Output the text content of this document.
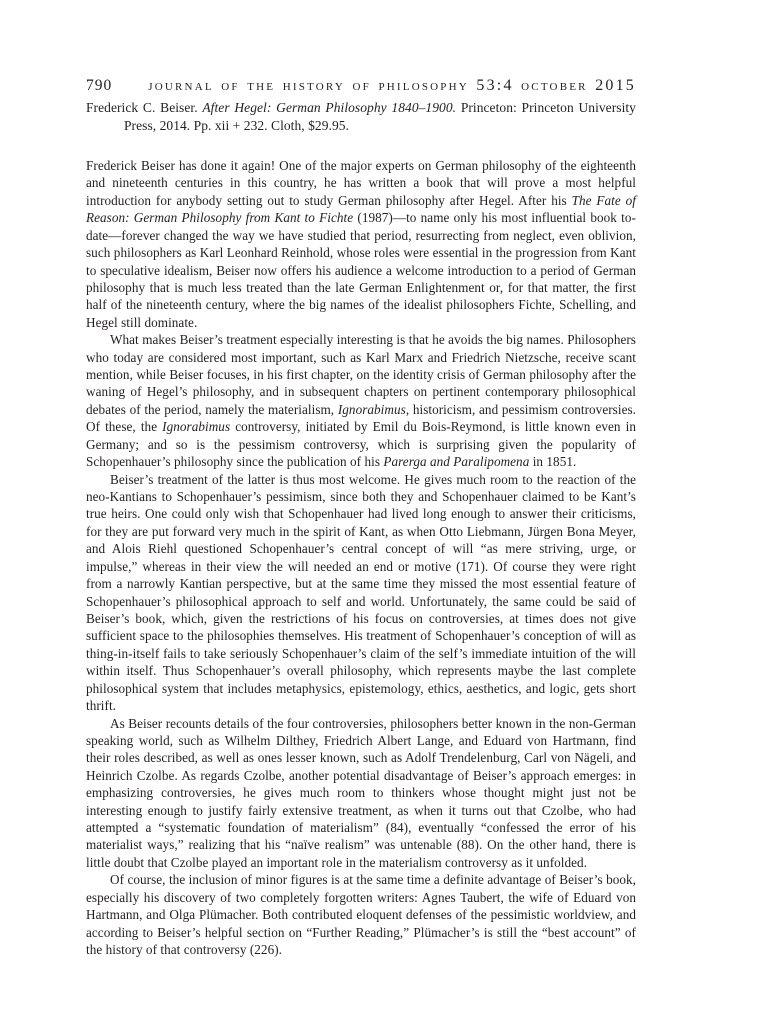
790	journal of the history of philosophy 53:4 october 2015
Frederick C. Beiser. After Hegel: German Philosophy 1840–1900. Princeton: Princeton University Press, 2014. Pp. xii + 232. Cloth, $29.95.

Frederick Beiser has done it again! One of the major experts on German philosophy of the eighteenth and nineteenth centuries in this country, he has written a book that will prove a most helpful introduction for anybody setting out to study German philosophy after Hegel. After his The Fate of Reason: German Philosophy from Kant to Fichte (1987)—to name only his most influential book to-date—forever changed the way we have studied that period, resurrecting from neglect, even oblivion, such philosophers as Karl Leonhard Reinhold, whose roles were essential in the progression from Kant to speculative idealism, Beiser now offers his audience a welcome introduction to a period of German philosophy that is much less treated than the late German Enlightenment or, for that matter, the first half of the nineteenth century, where the big names of the idealist philosophers Fichte, Schelling, and Hegel still dominate.

What makes Beiser’s treatment especially interesting is that he avoids the big names. Philosophers who today are considered most important, such as Karl Marx and Friedrich Nietzsche, receive scant mention, while Beiser focuses, in his first chapter, on the identity crisis of German philosophy after the waning of Hegel’s philosophy, and in subsequent chapters on pertinent contemporary philosophical debates of the period, namely the materialism, Ignorabimus, historicism, and pessimism controversies. Of these, the Ignorabimus controversy, initiated by Emil du Bois-Reymond, is little known even in Germany; and so is the pessimism controversy, which is surprising given the popularity of Schopenhauer’s philosophy since the publication of his Parerga and Paralipomena in 1851.

Beiser’s treatment of the latter is thus most welcome. He gives much room to the reaction of the neo-Kantians to Schopenhauer’s pessimism, since both they and Schopenhauer claimed to be Kant’s true heirs. One could only wish that Schopenhauer had lived long enough to answer their criticisms, for they are put forward very much in the spirit of Kant, as when Otto Liebmann, Jürgen Bona Meyer, and Alois Riehl questioned Schopenhauer’s central concept of will “as mere striving, urge, or impulse,” whereas in their view the will needed an end or motive (171). Of course they were right from a narrowly Kantian perspective, but at the same time they missed the most essential feature of Schopenhauer’s philosophical approach to self and world. Unfortunately, the same could be said of Beiser’s book, which, given the restrictions of his focus on controversies, at times does not give sufficient space to the philosophies themselves. His treatment of Schopenhauer’s conception of will as thing-in-itself fails to take seriously Schopenhauer’s claim of the self’s immediate intuition of the will within itself. Thus Schopenhauer’s overall philosophy, which represents maybe the last complete philosophical system that includes metaphysics, epistemology, ethics, aesthetics, and logic, gets short thrift.

As Beiser recounts details of the four controversies, philosophers better known in the non-German speaking world, such as Wilhelm Dilthey, Friedrich Albert Lange, and Eduard von Hartmann, find their roles described, as well as ones lesser known, such as Adolf Trendelenburg, Carl von Nägeli, and Heinrich Czolbe. As regards Czolbe, another potential disadvantage of Beiser’s approach emerges: in emphasizing controversies, he gives much room to thinkers whose thought might just not be interesting enough to justify fairly extensive treatment, as when it turns out that Czolbe, who had attempted a “systematic foundation of materialism” (84), eventually “confessed the error of his materialist ways,” realizing that his “naïve realism” was untenable (88). On the other hand, there is little doubt that Czolbe played an important role in the materialism controversy as it unfolded.

Of course, the inclusion of minor figures is at the same time a definite advantage of Beiser’s book, especially his discovery of two completely forgotten writers: Agnes Taubert, the wife of Eduard von Hartmann, and Olga Plümacher. Both contributed eloquent defenses of the pessimistic worldview, and according to Beiser’s helpful section on “Further Reading,” Plümacher’s is still the “best account” of the history of that controversy (226).
